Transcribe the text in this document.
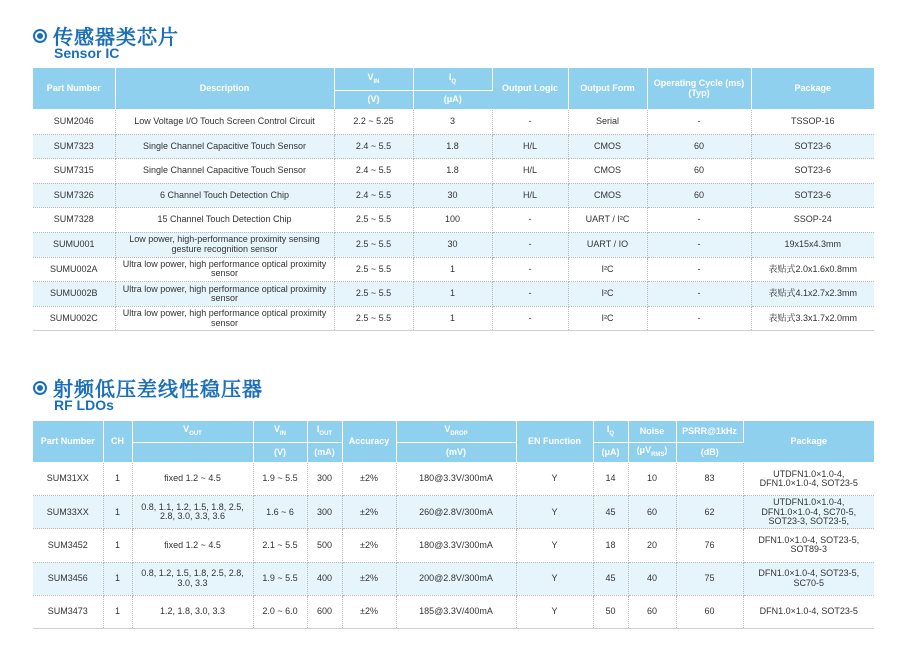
传感器类芯片
Sensor IC
Part Number	Description	$V_{IN}$	$I_Q$	Output Logic	Output Form	Operating Cycle (ms) (Typ)	Package
		(V)	(μA)				
SUM2046	Low Voltage I/O Touch Screen Control Circuit	2.2 ~ 5.25	3	-	Serial	-	TSSOP-16
SUM7323	Single Channel Capacitive Touch Sensor	2.4 ~ 5.5	1.8	H/L	CMOS	60	SOT23-6
SUM7315	Single Channel Capacitive Touch Sensor	2.4 ~ 5.5	1.8	H/L	CMOS	60	SOT23-6
SUM7326	6 Channel Touch Detection Chip	2.4 ~ 5.5	30	H/L	CMOS	60	SOT23-6
SUM7328	15 Channel Touch Detection Chip	2.5 ~ 5.5	100	-	UART / I²C	-	SSOP-24
SUMU001	Low power, high-performance proximity sensing gesture recognition sensor	2.5 ~ 5.5	30	-	UART / IO	-	19x15x4.3mm
SUMU002A	Ultra low power, high performance optical proximity sensor	2.5 ~ 5.5	1	-	I²C	-	表贴式2.0x1.6x0.8mm
SUMU002B	Ultra low power, high performance optical proximity sensor	2.5 ~ 5.5	1	-	I²C	-	表贴式4.1x2.7x2.3mm
SUMU002C	Ultra low power, high performance optical proximity sensor	2.5 ~ 5.5	1	-	I²C	-	表贴式3.3x1.7x2.0mm
射频低压差线性稳压器
RF LDOs
Part Number	CH	$V_{OUT}$	$V_{IN}$	$I_{OUT}$	Accuracy	$V_{DROP}$	EN Function	$I_Q$	Noise	PSRR@1kHz	Package
			(V)	(mA)		(mV)		(μA)	$(\mu V_{RMS})$	(dB)	
SUM31XX	1	fixed 1.2 ~ 4.5	1.9 ~ 5.5	300	±2%	180@3.3V/300mA	Y	14	10	83	UTDFN1.0×1.0-4, DFN1.0×1.0-4, SOT23-5
SUM33XX	1	0.8, 1.1, 1.2, 1.5, 1.8, 2.5, 2.8, 3.0, 3.3, 3.6	1.6 ~ 6	300	±2%	260@2.8V/300mA	Y	45	60	62	UTDFN1.0×1.0-4, DFN1.0×1.0-4, SC70-5, SOT23-3, SOT23-5,
SUM3452	1	fixed 1.2 ~ 4.5	2.1 ~ 5.5	500	±2%	180@3.3V/300mA	Y	18	20	76	DFN1.0×1.0-4, SOT23-5, SOT89-3
SUM3456	1	0.8, 1.2, 1.5, 1.8, 2.5, 2.8, 3.0, 3.3	1.9 ~ 5.5	400	±2%	200@2.8V/300mA	Y	45	40	75	DFN1.0×1.0-4, SOT23-5, SC70-5
SUM3473	1	1.2, 1.8, 3.0, 3.3	2.0 ~ 6.0	600	±2%	185@3.3V/400mA	Y	50	60	60	DFN1.0×1.0-4, SOT23-5
